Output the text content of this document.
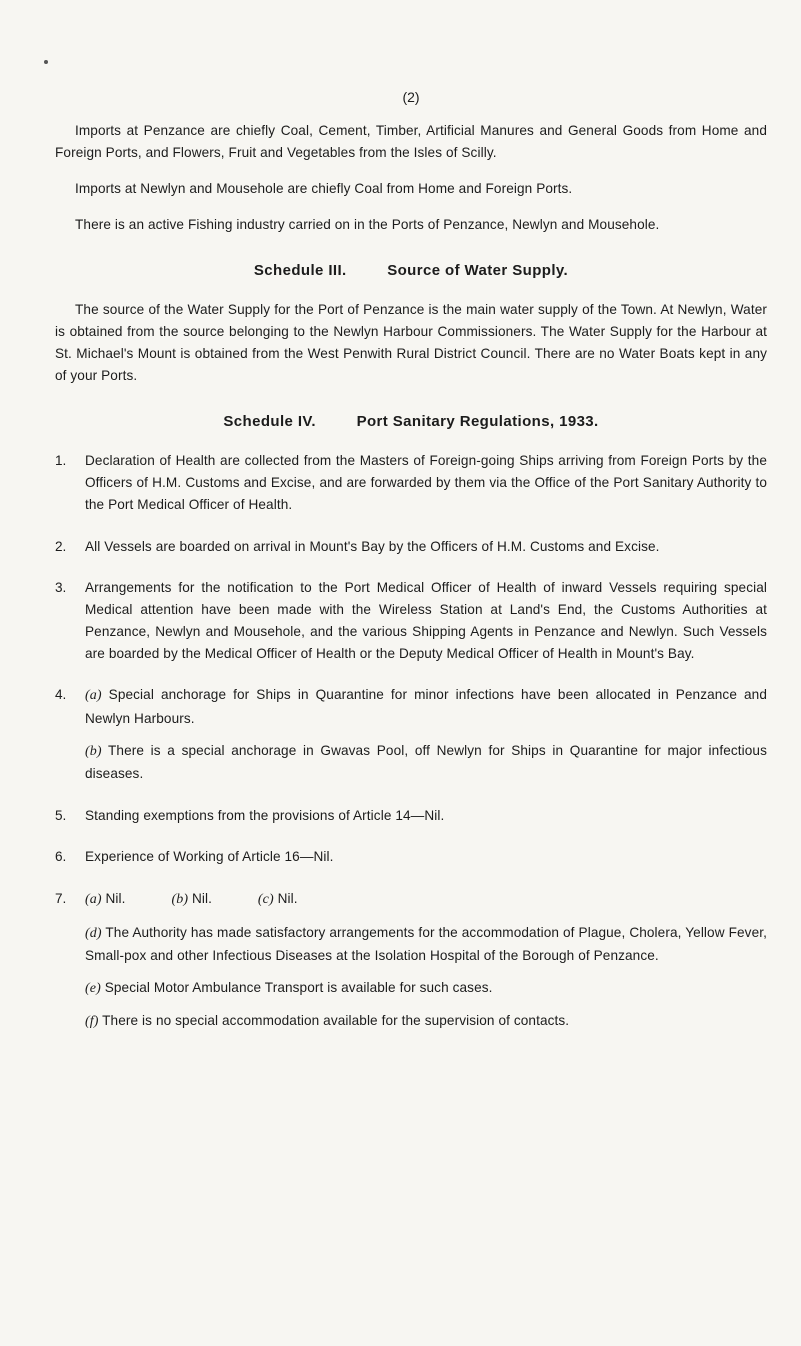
(2)

Imports at Penzance are chiefly Coal, Cement, Timber, Artificial Manures and General Goods from Home and Foreign Ports, and Flowers, Fruit and Vegetables from the Isles of Scilly.

Imports at Newlyn and Mousehole are chiefly Coal from Home and Foreign Ports.

There is an active Fishing industry carried on in the Ports of Penzance, Newlyn and Mousehole.

Schedule III.	Source of Water Supply.

The source of the Water Supply for the Port of Penzance is the main water supply of the Town. At Newlyn, Water is obtained from the source belonging to the Newlyn Harbour Commissioners. The Water Supply for the Harbour at St. Michael's Mount is obtained from the West Penwith Rural District Council. There are no Water Boats kept in any of your Ports.

Schedule IV.	Port Sanitary Regulations, 1933.
1.	Declaration of Health are collected from the Masters of Foreign-going Ships arriving from Foreign Ports by the Officers of H.M. Customs and Excise, and are forwarded by them via the Office of the Port Sanitary Authority to the Port Medical Officer of Health.

2.	All Vessels are boarded on arrival in Mount's Bay by the Officers of H.M. Customs and Excise.

3.	Arrangements for the notification to the Port Medical Officer of Health of inward Vessels requiring special Medical attention have been made with the Wireless Station at Land's End, the Customs Authorities at Penzance, Newlyn and Mousehole, and the various Shipping Agents in Penzance and Newlyn. Such Vessels are boarded by the Medical Officer of Health or the Deputy Medical Officer of Health in Mount's Bay.

4.	(a) Special anchorage for Ships in Quarantine for minor infections have been allocated in Penzance and Newlyn Harbours.

(b) There is a special anchorage in Gwavas Pool, off Newlyn for Ships in Quarantine for major infectious diseases.

5.	Standing exemptions from the provisions of Article 14—Nil.

6.	Experience of Working of Article 16—Nil.

7.	(a) Nil.	(b) Nil.	(c) Nil.

(d) The Authority has made satisfactory arrangements for the accommodation of Plague, Cholera, Yellow Fever, Small-pox and other Infectious Diseases at the Isolation Hospital of the Borough of Penzance.

(e) Special Motor Ambulance Transport is available for such cases.

(f) There is no special accommodation available for the supervision of contacts.
